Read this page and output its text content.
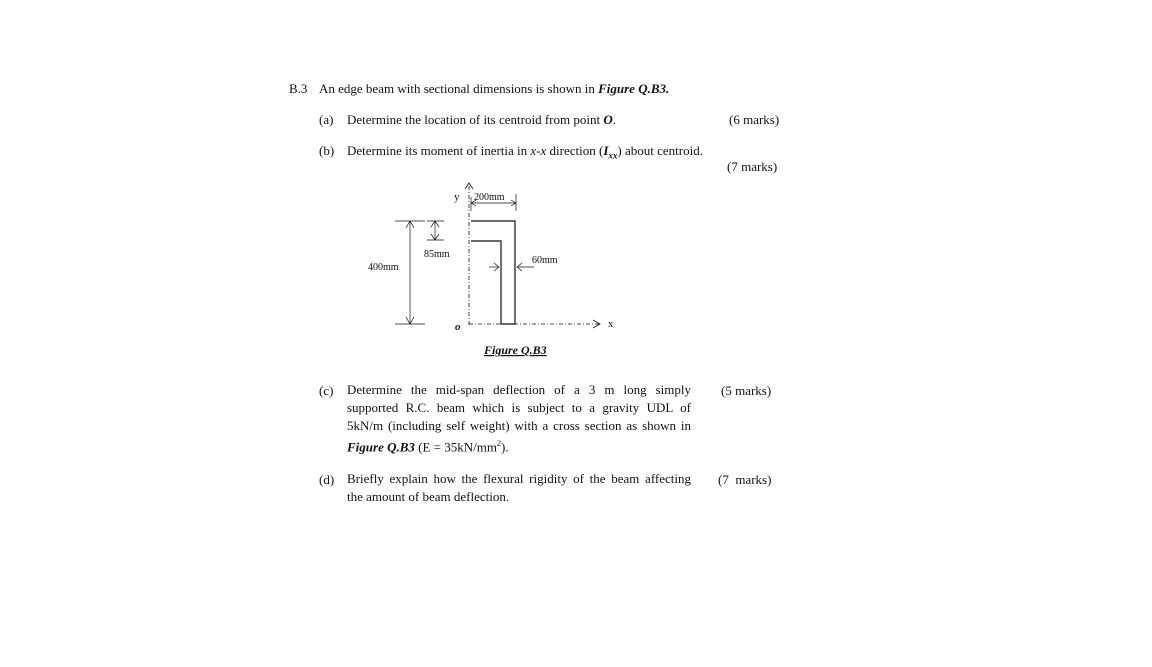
B.3 An edge beam with sectional dimensions is shown in Figure Q.B3.
(a) Determine the location of its centroid from point O.	(6 marks)
(b) Determine its moment of inertia in x-x direction $(I_{xx})$ about centroid.
(7 marks)
y
x
o
200mm
400mm
85mm
60mm
Figure Q.B3
(c) Determine the mid-span deflection of a 3 m long simply
supported R.C. beam which is subject to a gravity UDL of
5kN/m (including self weight) with a cross section as shown in
Figure Q.B3 $(E = 35kN/mm^2)$.
(5 marks)
(d) Briefly explain how the flexural rigidity of the beam affecting
the amount of beam deflection.
(7  marks)
